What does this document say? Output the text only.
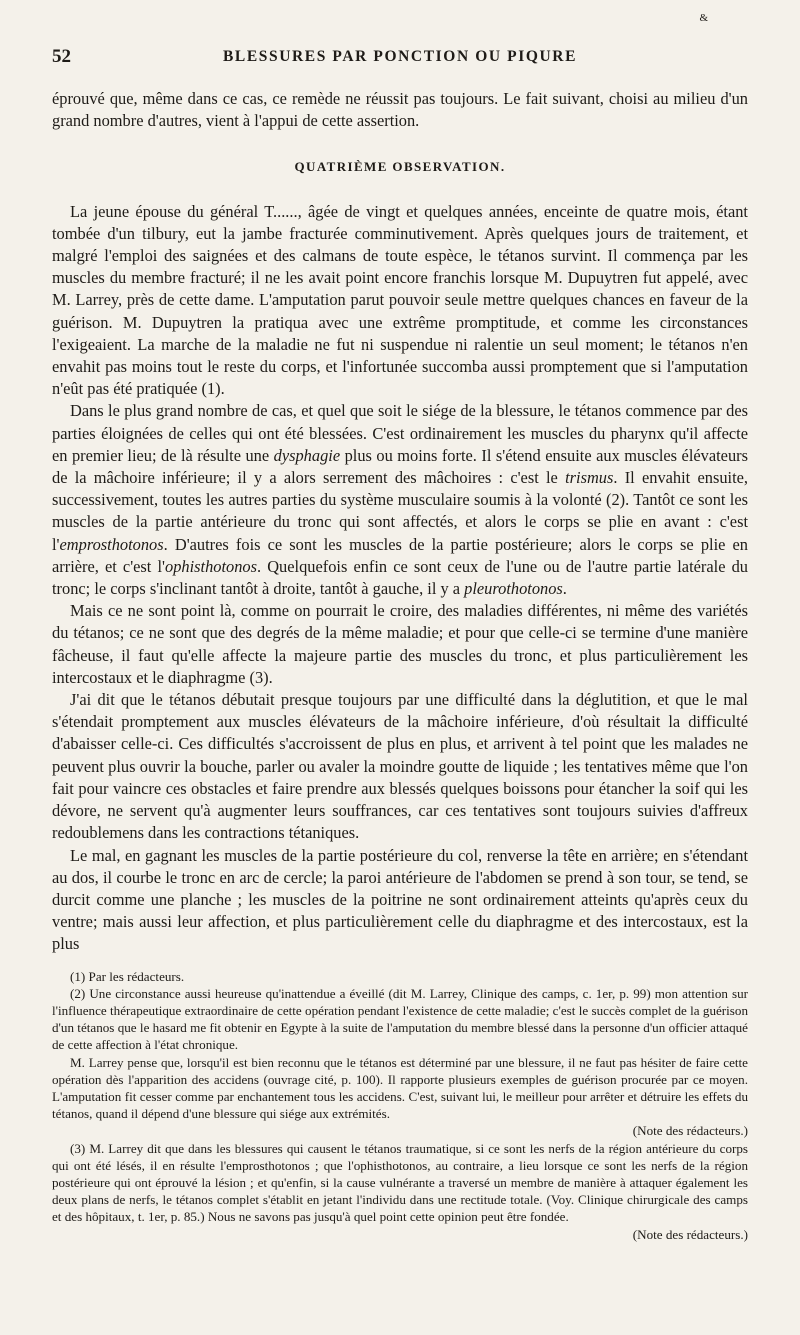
&
52	BLESSURES PAR PONCTION OU PIQURE

éprouvé que, même dans ce cas, ce remède ne réussit pas toujours. Le fait suivant, choisi au milieu d'un grand nombre d'autres, vient à l'appui de cette assertion.

QUATRIÈME OBSERVATION.

La jeune épouse du général T......, âgée de vingt et quelques années, enceinte de quatre mois, étant tombée d'un tilbury, eut la jambe fracturée comminutivement. Après quelques jours de traitement, et malgré l'emploi des saignées et des calmans de toute espèce, le tétanos survint. Il commença par les muscles du membre fracturé; il ne les avait point encore franchis lorsque M. Dupuytren fut appelé, avec M. Larrey, près de cette dame. L'amputation parut pouvoir seule mettre quelques chances en faveur de la guérison. M. Dupuytren la pratiqua avec une extrême promptitude, et comme les circonstances l'exigeaient. La marche de la maladie ne fut ni suspendue ni ralentie un seul moment; le tétanos n'en envahit pas moins tout le reste du corps, et l'infortunée succomba aussi promptement que si l'amputation n'eût pas été pratiquée (1).

Dans le plus grand nombre de cas, et quel que soit le siége de la blessure, le tétanos commence par des parties éloignées de celles qui ont été blessées. C'est ordinairement les muscles du pharynx qu'il affecte en premier lieu; de là résulte une dysphagie plus ou moins forte. Il s'étend ensuite aux muscles élévateurs de la mâchoire inférieure; il y a alors serrement des mâchoires : c'est le trismus. Il envahit ensuite, successivement, toutes les autres parties du système musculaire soumis à la volonté (2). Tantôt ce sont les muscles de la partie antérieure du tronc qui sont affectés, et alors le corps se plie en avant : c'est l'emprosthotonos. D'autres fois ce sont les muscles de la partie postérieure; alors le corps se plie en arrière, et c'est l'ophisthotonos. Quelquefois enfin ce sont ceux de l'une ou de l'autre partie latérale du tronc; le corps s'inclinant tantôt à droite, tantôt à gauche, il y a pleurothotonos.

Mais ce ne sont point là, comme on pourrait le croire, des maladies différentes, ni même des variétés du tétanos; ce ne sont que des degrés de la même maladie; et pour que celle-ci se termine d'une manière fâcheuse, il faut qu'elle affecte la majeure partie des muscles du tronc, et plus particulièrement les intercostaux et le diaphragme (3).

J'ai dit que le tétanos débutait presque toujours par une difficulté dans la déglutition, et que le mal s'étendait promptement aux muscles élévateurs de la mâchoire inférieure, d'où résultait la difficulté d'abaisser celle-ci. Ces difficultés s'accroissent de plus en plus, et arrivent à tel point que les malades ne peuvent plus ouvrir la bouche, parler ou avaler la moindre goutte de liquide ; les tentatives même que l'on fait pour vaincre ces obstacles et faire prendre aux blessés quelques boissons pour étancher la soif qui les dévore, ne servent qu'à augmenter leurs souffrances, car ces tentatives sont toujours suivies d'affreux redoublemens dans les contractions tétaniques.

Le mal, en gagnant les muscles de la partie postérieure du col, renverse la tête en arrière; en s'étendant au dos, il courbe le tronc en arc de cercle; la paroi antérieure de l'abdomen se prend à son tour, se tend, se durcit comme une planche ; les muscles de la poitrine ne sont ordinairement atteints qu'après ceux du ventre; mais aussi leur affection, et plus particulièrement celle du diaphragme et des intercostaux, est la plus

(1) Par les rédacteurs.

(2) Une circonstance aussi heureuse qu'inattendue a éveillé (dit M. Larrey, Clinique des camps, c. 1er, p. 99) mon attention sur l'influence thérapeutique extraordinaire de cette opération pendant l'existence de cette maladie; c'est le succès complet de la guérison d'un tétanos que le hasard me fit obtenir en Egypte à la suite de l'amputation du membre blessé dans la personne d'un officier attaqué de cette affection à l'état chronique.

M. Larrey pense que, lorsqu'il est bien reconnu que le tétanos est déterminé par une blessure, il ne faut pas hésiter de faire cette opération dès l'apparition des accidens (ouvrage cité, p. 100). Il rapporte plusieurs exemples de guérison procurée par ce moyen. L'amputation fit cesser comme par enchantement tous les accidens. C'est, suivant lui, le meilleur pour arrêter et détruire les effets du tétanos, quand il dépend d'une blessure qui siége aux extrémités.
(Note des rédacteurs.)

(3) M. Larrey dit que dans les blessures qui causent le tétanos traumatique, si ce sont les nerfs de la région antérieure du corps qui ont été lésés, il en résulte l'emprosthotonos ; que l'ophisthotonos, au contraire, a lieu lorsque ce sont les nerfs de la région postérieure qui ont éprouvé la lésion ; et qu'enfin, si la cause vulnérante a traversé un membre de manière à attaquer également les deux plans de nerfs, le tétanos complet s'établit en jetant l'individu dans une rectitude totale. (Voy. Clinique chirurgicale des camps et des hôpitaux, t. 1er, p. 85.) Nous ne savons pas jusqu'à quel point cette opinion peut être fondée.
(Note des rédacteurs.)
